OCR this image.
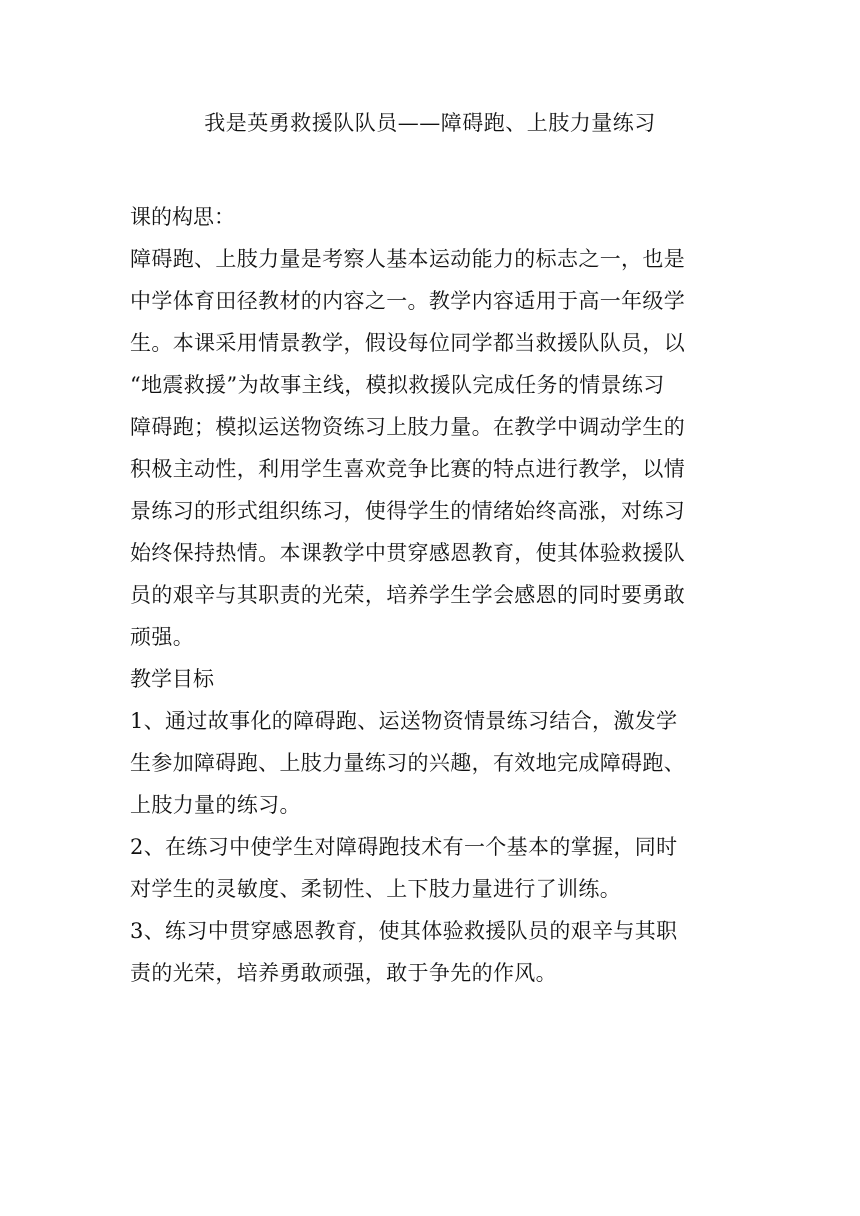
我是英勇救援队队员——障碍跑、上肢力量练习
课的构思：
障碍跑、上肢力量是考察人基本运动能力的标志之一，也是
中学体育田径教材的内容之一。教学内容适用于高一年级学
生。本课采用情景教学，假设每位同学都当救援队队员，以
“地震救援”为故事主线，模拟救援队完成任务的情景练习
障碍跑；模拟运送物资练习上肢力量。在教学中调动学生的
积极主动性，利用学生喜欢竞争比赛的特点进行教学，以情
景练习的形式组织练习，使得学生的情绪始终高涨，对练习
始终保持热情。本课教学中贯穿感恩教育，使其体验救援队
员的艰辛与其职责的光荣，培养学生学会感恩的同时要勇敢
顽强。
教学目标
1、通过故事化的障碍跑、运送物资情景练习结合，激发学
生参加障碍跑、上肢力量练习的兴趣，有效地完成障碍跑、
上肢力量的练习。
2、在练习中使学生对障碍跑技术有一个基本的掌握，同时
对学生的灵敏度、柔韧性、上下肢力量进行了训练。
3、练习中贯穿感恩教育，使其体验救援队员的艰辛与其职
责的光荣，培养勇敢顽强，敢于争先的作风。
